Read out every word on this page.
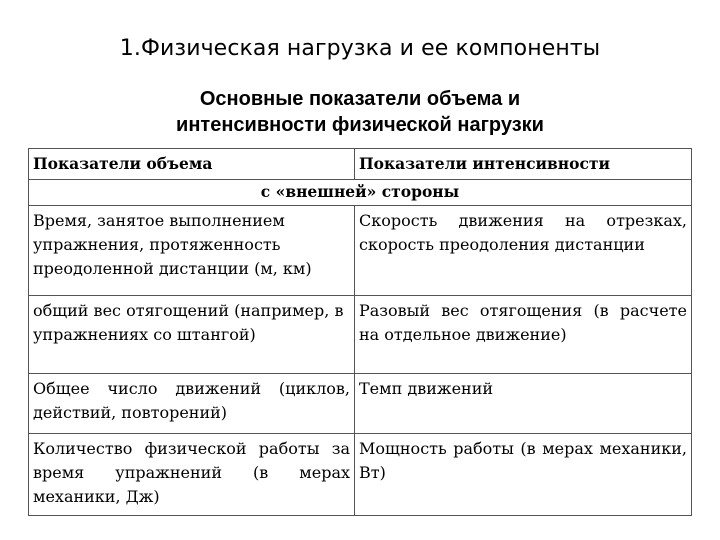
1.Физическая нагрузка и ее компоненты
Основные показатели объема и
интенсивности физической нагрузки
Показатели объема	Показатели интенсивности
с «внешней» стороны	
Время, занятое выполнением упражнения, протяженность преодоленной дистанции (м, км)	Скорость движения на отрезках, скорость преодоления дистанции
общий вес отягощений (например, в упражнениях со штангой)	Разовый вес отягощения (в расчете на отдельное движение)
Общее число движений (циклов, действий, повторений)	Темп движений
Количество физической работы за время упражнений (в мерах механики, Дж)	Мощность работы (в мерах механики, Вт)
